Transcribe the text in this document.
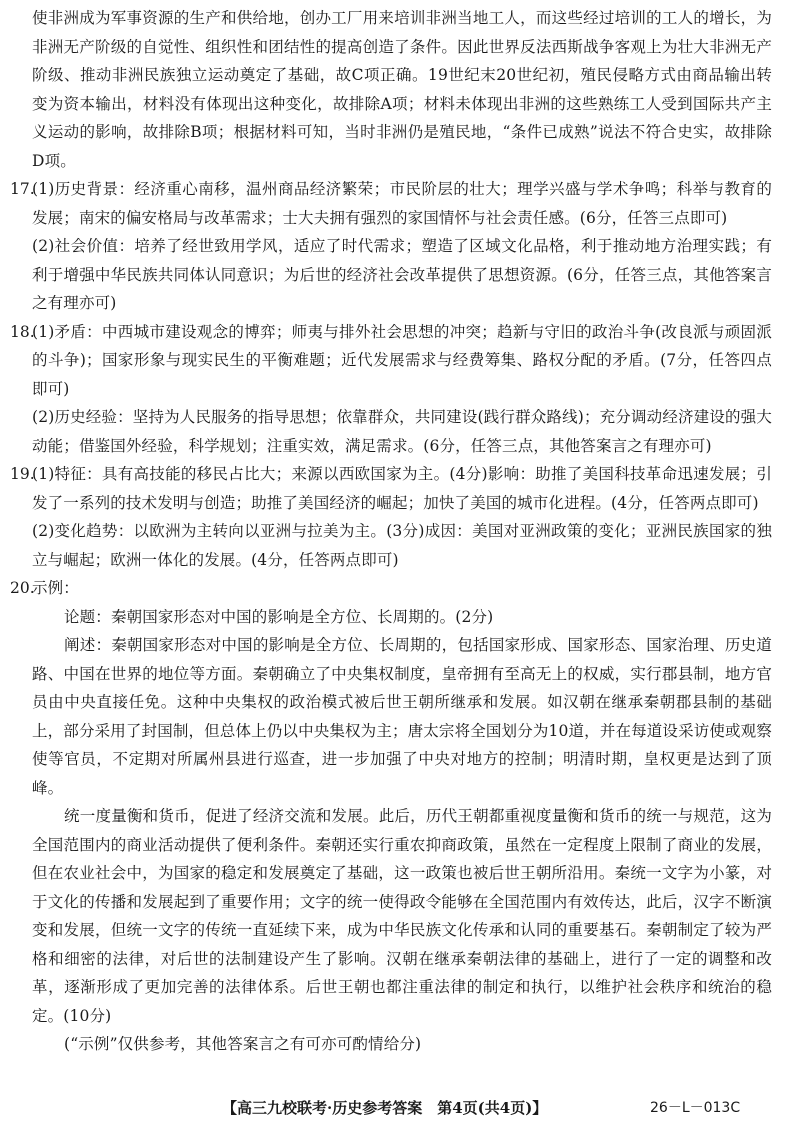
使非洲成为军事资源的生产和供给地，创办工厂用来培训非洲当地工人，而这些经过培训的工人的增长，为非洲无产阶级的自觉性、组织性和团结性的提高创造了条件。因此世界反法西斯战争客观上为壮大非洲无产阶级、推动非洲民族独立运动奠定了基础，故C项正确。19世纪末20世纪初，殖民侵略方式由商品输出转变为资本输出，材料没有体现出这种变化，故排除A项；材料未体现出非洲的这些熟练工人受到国际共产主义运动的影响，故排除B项；根据材料可知，当时非洲仍是殖民地，“条件已成熟”说法不符合史实，故排除D项。
17.
(1)历史背景：经济重心南移，温州商品经济繁荣；市民阶层的壮大；理学兴盛与学术争鸣；科举与教育的发展；南宋的偏安格局与改革需求；士大夫拥有强烈的家国情怀与社会责任感。(6分，任答三点即可)
(2)社会价值：培养了经世致用学风，适应了时代需求；塑造了区域文化品格，利于推动地方治理实践；有利于增强中华民族共同体认同意识；为后世的经济社会改革提供了思想资源。(6分，任答三点，其他答案言之有理亦可)
18.
(1)矛盾：中西城市建设观念的博弈；师夷与排外社会思想的冲突；趋新与守旧的政治斗争(改良派与顽固派的斗争)；国家形象与现实民生的平衡难题；近代发展需求与经费筹集、路权分配的矛盾。(7分，任答四点即可)
(2)历史经验：坚持为人民服务的指导思想；依靠群众，共同建设(践行群众路线)；充分调动经济建设的强大动能；借鉴国外经验，科学规划；注重实效，满足需求。(6分，任答三点，其他答案言之有理亦可)
19.
(1)特征：具有高技能的移民占比大；来源以西欧国家为主。(4分)影响：助推了美国科技革命迅速发展；引发了一系列的技术发明与创造；助推了美国经济的崛起；加快了美国的城市化进程。(4分，任答两点即可)
(2)变化趋势：以欧洲为主转向以亚洲与拉美为主。(3分)成因：美国对亚洲政策的变化；亚洲民族国家的独立与崛起；欧洲一体化的发展。(4分，任答两点即可)
20.
示例：
论题：秦朝国家形态对中国的影响是全方位、长周期的。(2分)
阐述：秦朝国家形态对中国的影响是全方位、长周期的，包括国家形成、国家形态、国家治理、历史道路、中国在世界的地位等方面。秦朝确立了中央集权制度，皇帝拥有至高无上的权威，实行郡县制，地方官员由中央直接任免。这种中央集权的政治模式被后世王朝所继承和发展。如汉朝在继承秦朝郡县制的基础上，部分采用了封国制，但总体上仍以中央集权为主；唐太宗将全国划分为10道，并在每道设采访使或观察使等官员，不定期对所属州县进行巡查，进一步加强了中央对地方的控制；明清时期，皇权更是达到了顶峰。
统一度量衡和货币，促进了经济交流和发展。此后，历代王朝都重视度量衡和货币的统一与规范，这为全国范围内的商业活动提供了便利条件。秦朝还实行重农抑商政策，虽然在一定程度上限制了商业的发展，但在农业社会中，为国家的稳定和发展奠定了基础，这一政策也被后世王朝所沿用。秦统一文字为小篆，对于文化的传播和发展起到了重要作用；文字的统一使得政令能够在全国范围内有效传达，此后，汉字不断演变和发展，但统一文字的传统一直延续下来，成为中华民族文化传承和认同的重要基石。秦朝制定了较为严格和细密的法律，对后世的法制建设产生了影响。汉朝在继承秦朝法律的基础上，进行了一定的调整和改革，逐渐形成了更加完善的法律体系。后世王朝也都注重法律的制定和执行，以维护社会秩序和统治的稳定。(10分)
(“示例”仅供参考，其他答案言之有可亦可酌情给分)
【高三九校联考·历史参考答案　第4页(共4页)】	26－L－013C
